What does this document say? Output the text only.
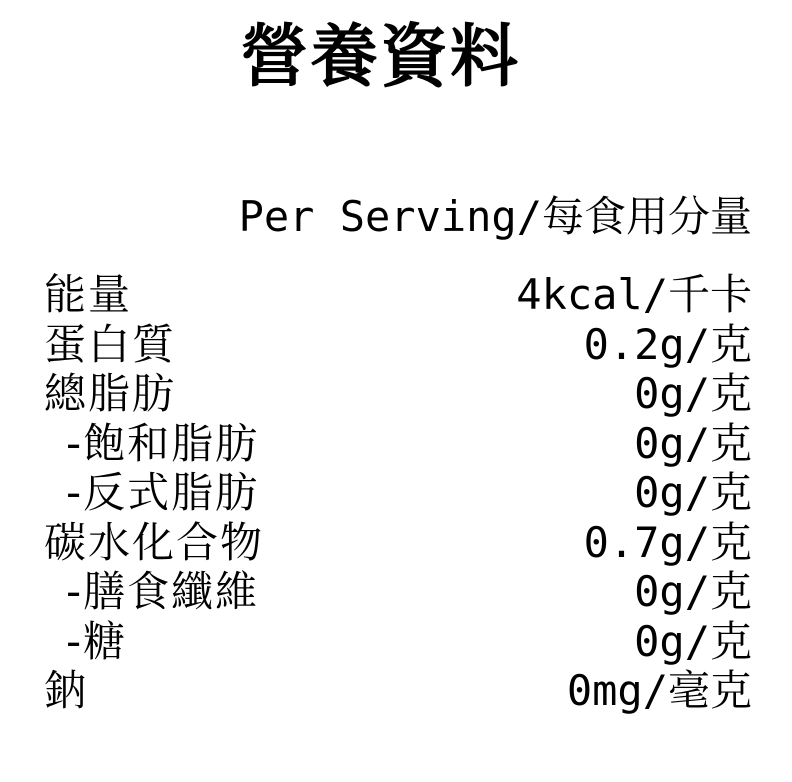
營養資料
Per Serving/每食用分量
能量	4kcal/千卡
蛋白質	0.2g/克
總脂肪	0g/克
-飽和脂肪	0g/克
-反式脂肪	0g/克
碳水化合物	0.7g/克
-膳食纖維	0g/克
-糖	0g/克
鈉	0mg/毫克
